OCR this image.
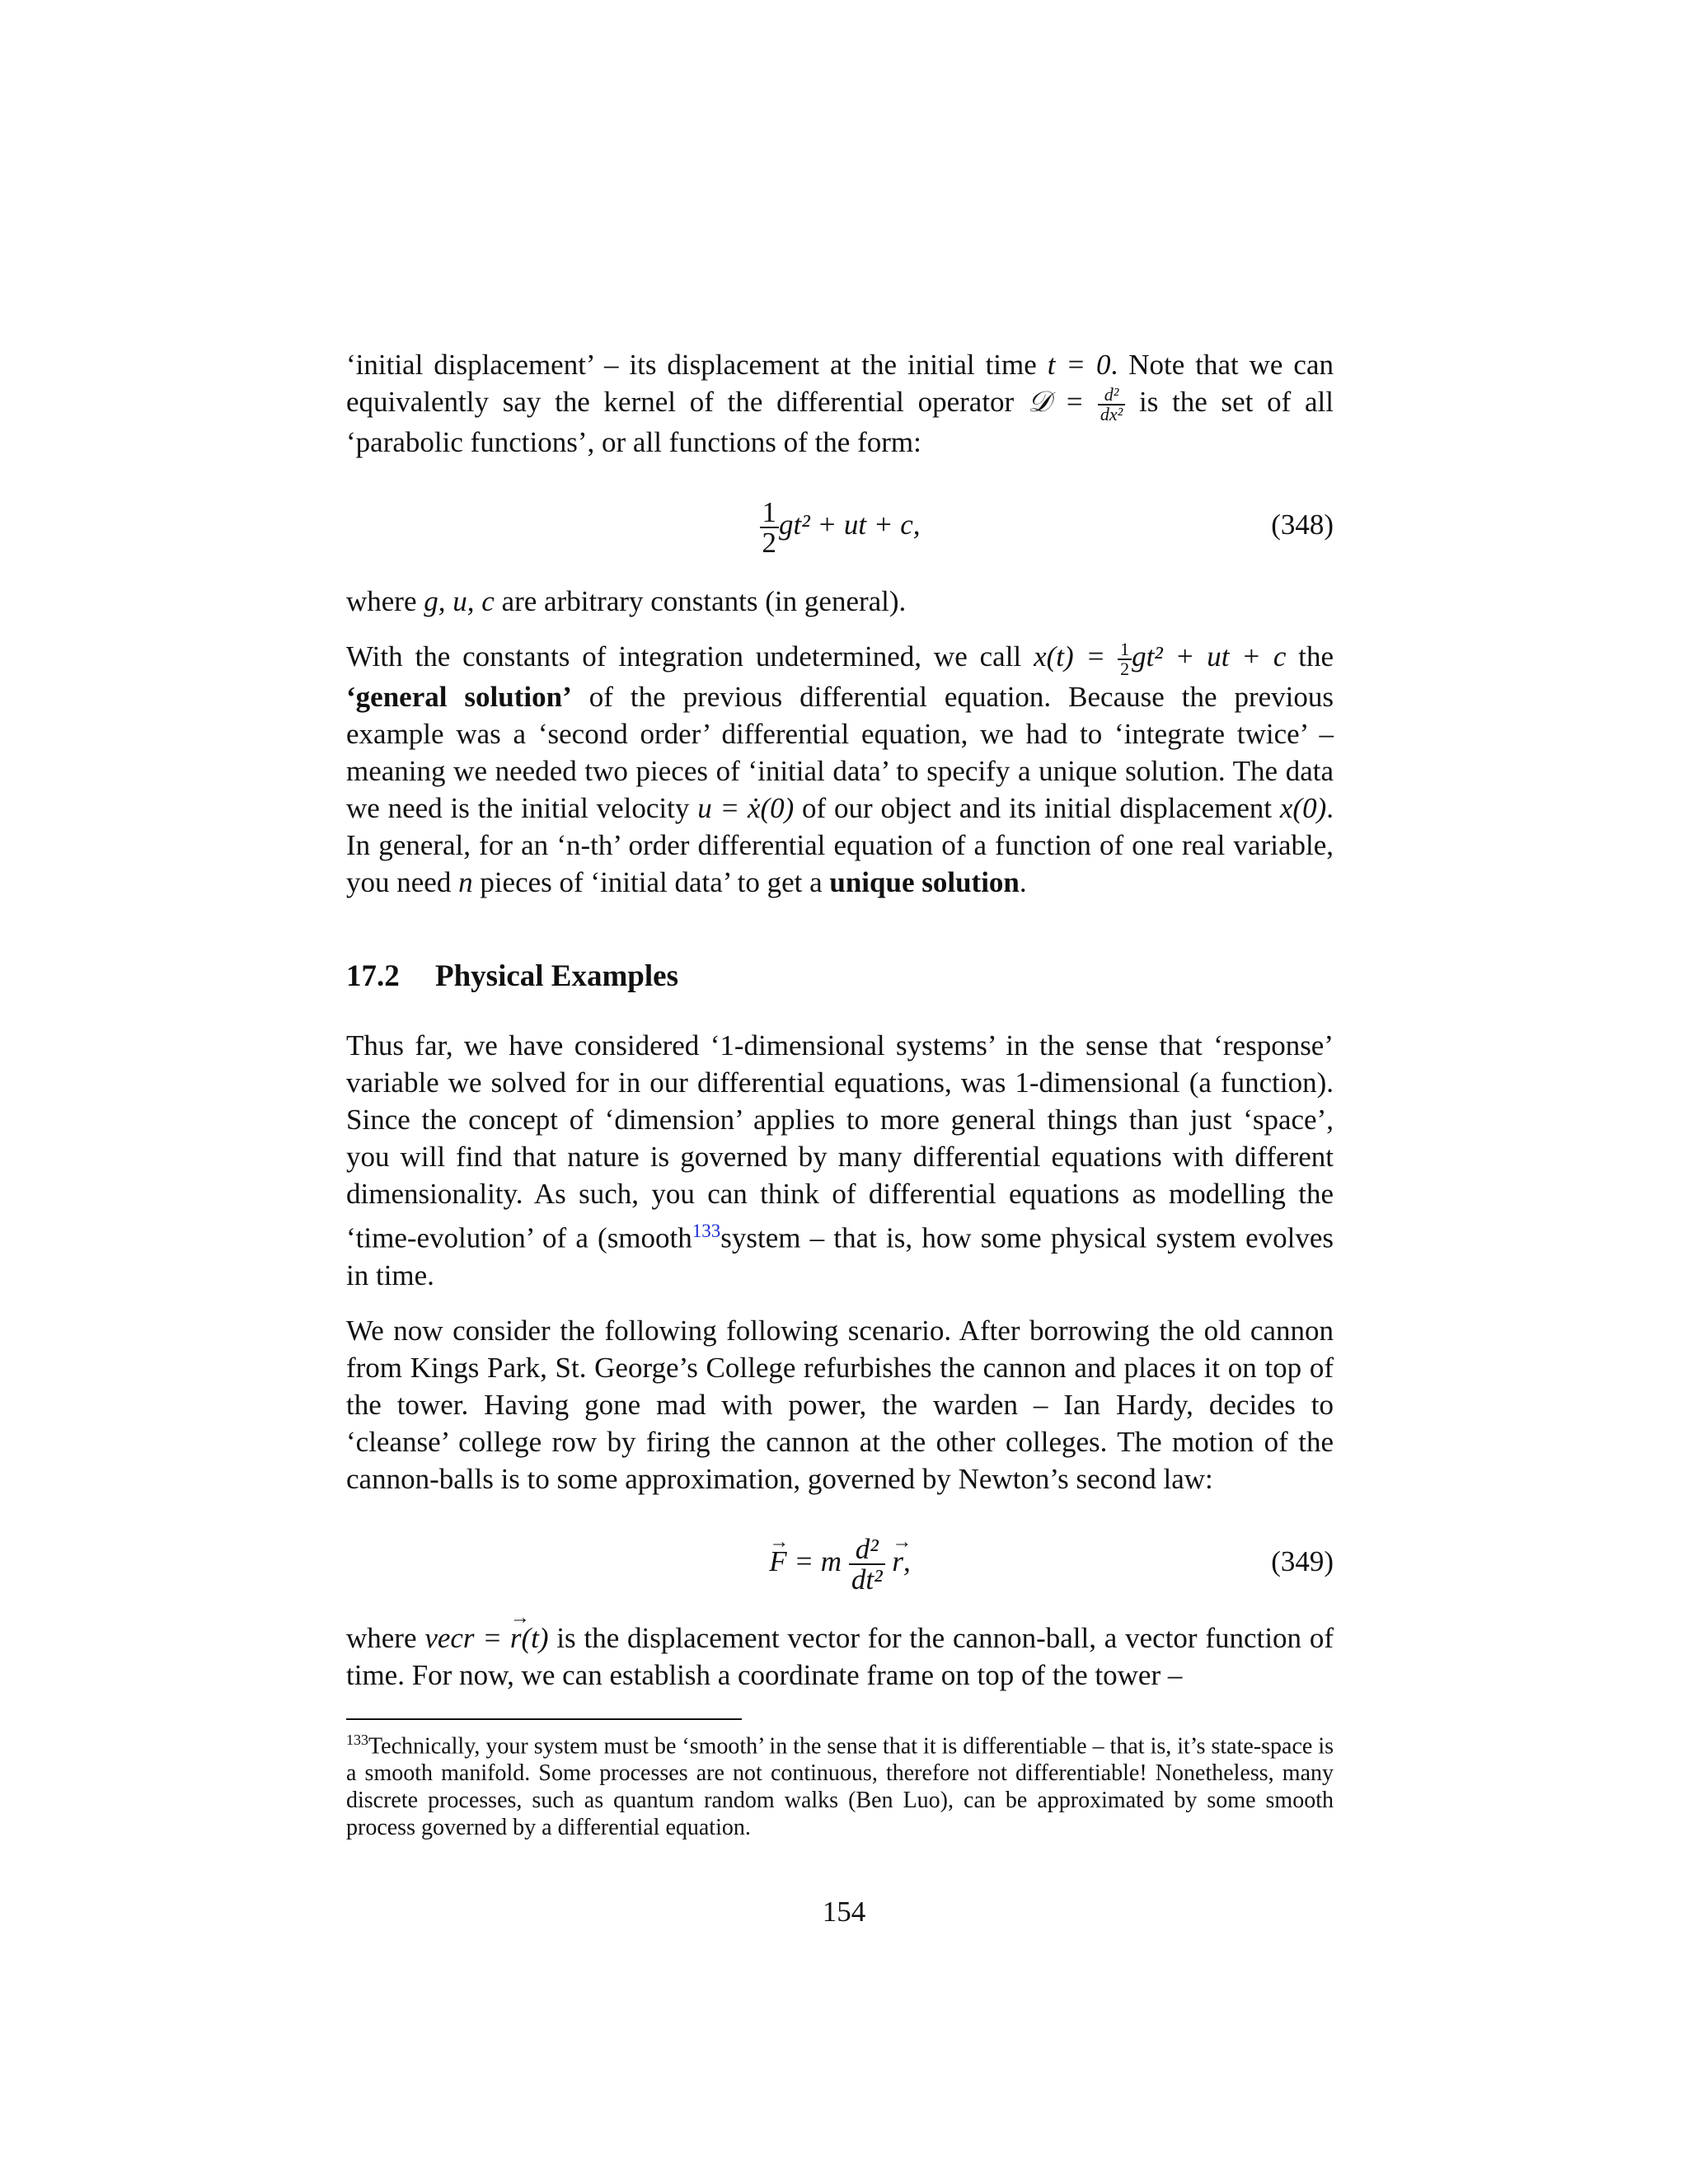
‘initial displacement’ – its displacement at the initial time t = 0. Note that we can equivalently say the kernel of the differential operator 𝒟 = $\frac{\text{d²}}{\text{dx²}}$ is the set of all ‘parabolic functions’, or all functions of the form:

$\frac{1}{2} gt^2$ + ut + c,	(348)

where g, u, c are arbitrary constants (in general).

With the constants of integration undetermined, we call $x(t) = \frac{1}{2} gt^2$ + ut + c the ‘general solution’ of the previous differential equation. Because the previous example was a ‘second order’ differential equation, we had to ‘integrate twice’ – meaning we needed two pieces of ‘initial data’ to specify a unique solution. The data we need is the initial velocity u = ẋ(0) of our object and its initial displacement x(0). In general, for an ‘n-th’ order differential equation of a function of one real variable, you need n pieces of ‘initial data’ to get a unique solution.

17.2 Physical Examples

Thus far, we have considered ‘1-dimensional systems’ in the sense that ‘response’ variable we solved for in our differential equations, was 1-dimensional (a function). Since the concept of ‘dimension’ applies to more general things than just ‘space’, you will find that nature is governed by many differential equations with different dimensionality. As such, you can think of differential equations as modelling the ‘time-evolution’ of a (smooth$^{133}$system – that is, how some physical system evolves in time.

We now consider the following following scenario. After borrowing the old cannon from Kings Park, St. George’s College refurbishes the cannon and places it on top of the tower. Having gone mad with power, the warden – Ian Hardy, decides to ‘cleanse’ college row by firing the cannon at the other colleges. The motion of the cannon-balls is to some approximation, governed by Newton’s second law:

→ F = m $\frac{\text{d²}}{\text{dt²}}$
→ r,	(349)

where vecr = → r(t) is the displacement vector for the cannon-ball, a vector function of time. For now, we can establish a coordinate frame on top of the tower –

$^{133}$Technically, your system must be ‘smooth’ in the sense that it is differentiable – that is, it’s state-space is a smooth manifold. Some processes are not continuous, therefore not differentiable! Nonetheless, many discrete processes, such as quantum random walks (Ben Luo), can be approximated by some smooth process governed by a differential equation.

154
